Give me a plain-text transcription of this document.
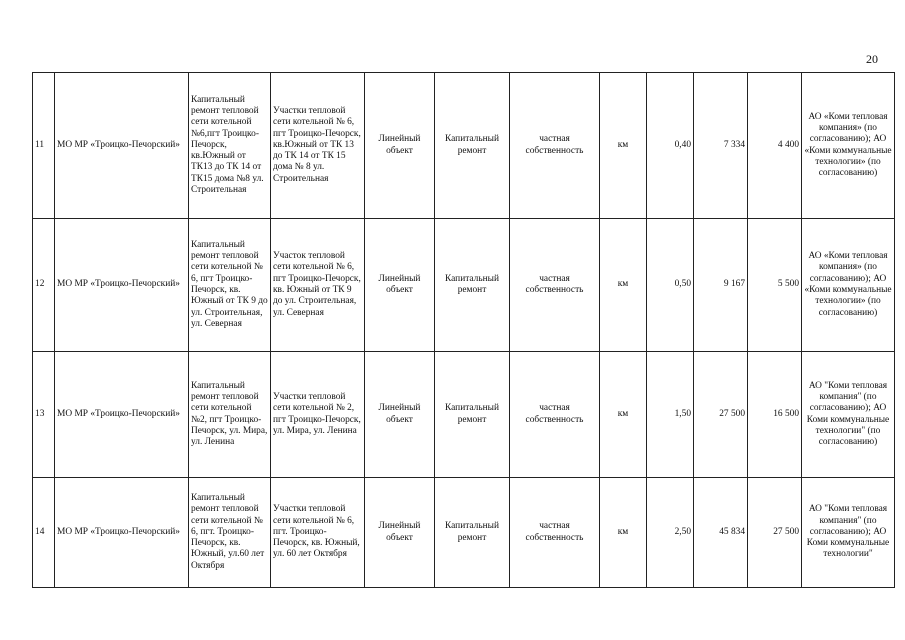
20
11	МО МР «Троицко-Печорский»	Капитальный ремонт тепловой сети котельной №6,пгт Троицко-Печорск, кв.Южный от ТК13 до ТК 14 от ТК15 дома №8 ул. Строительная	Участки тепловой сети котельной № 6, пгт Троицко-Печорск, кв.Южный от ТК 13 до ТК 14 от ТК 15 дома № 8 ул. Строительная	Линейный объект	Капитальный ремонт	частная собственность	км	0,40	7 334	4 400	АО «Коми тепловая компания» (по согласованию); АО «Коми коммунальные технологии» (по согласованию)
12	МО МР «Троицко-Печорский»	Капитальный ремонт тепловой сети котельной № 6, пгт Троицко-Печорск, кв. Южный от ТК 9 до ул. Строительная, ул. Северная	Участок тепловой сети котельной № 6, пгт Троицко-Печорск, кв. Южный от ТК 9 до ул. Строительная, ул. Северная	Линейный объект	Капитальный ремонт	частная собственность	км	0,50	9 167	5 500	АО «Коми тепловая компания» (по согласованию); АО «Коми коммунальные технологии» (по согласованию)
13	МО МР «Троицко-Печорский»	Капитальный ремонт тепловой сети котельной №2, пгт Троицко-Печорск, ул. Мира, ул. Ленина	Участки тепловой сети котельной № 2, пгт Троицко-Печорск, ул. Мира, ул. Ленина	Линейный объект	Капитальный ремонт	частная собственность	км	1,50	27 500	16 500	АО "Коми тепловая компания" (по согласованию); АО Коми коммунальные технологии" (по согласованию)
14	МО МР «Троицко-Печорский»	Капитальный ремонт тепловой сети котельной № 6, пгт. Троицко-Печорск, кв. Южный, ул.60 лет Октября	Участки тепловой сети котельной № 6, пгт. Троицко-Печорск, кв. Южный, ул. 60 лет Октября	Линейный объект	Капитальный ремонт	частная собственность	км	2,50	45 834	27 500	АО "Коми тепловая компания" (по согласованию); АО Коми коммунальные технологии"
